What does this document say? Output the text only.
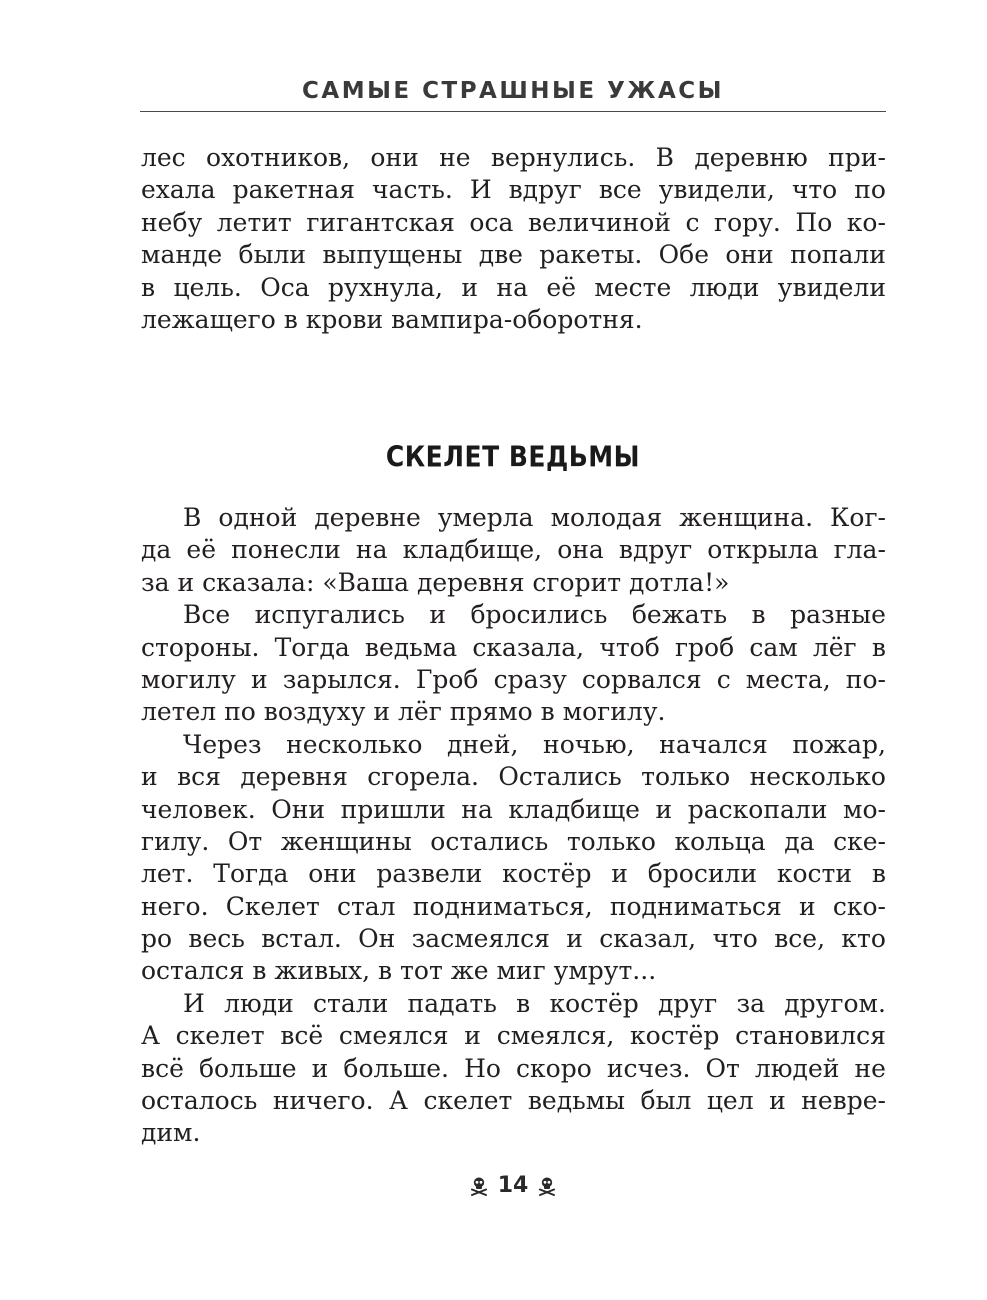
САМЫЕ СТРАШНЫЕ УЖАСЫ

лес охотников, они не вернулись. В деревню при-
ехала ракетная часть. И вдруг все увидели, что по
небу летит гигантская оса величиной с гору. По ко-
манде были выпущены две ракеты. Обе они попали
в цель. Оса рухнула, и на её месте люди увидели
лежащего в крови вампира-оборотня.

СКЕЛЕТ ВЕДЬМЫ

В одной деревне умерла молодая женщина. Ког-
да её понесли на кладбище, она вдруг открыла гла-
за и сказала: «Ваша деревня сгорит дотла!»

Все испугались и бросились бежать в разные
стороны. Тогда ведьма сказала, чтоб гроб сам лёг в
могилу и зарылся. Гроб сразу сорвался с места, по-
летел по воздуху и лёг прямо в могилу.

Через несколько дней, ночью, начался пожар,
и вся деревня сгорела. Остались только несколько
человек. Они пришли на кладбище и раскопали мо-
гилу. От женщины остались только кольца да ске-
лет. Тогда они развели костёр и бросили кости в
него. Скелет стал подниматься, подниматься и ско-
ро весь встал. Он засмеялся и сказал, что все, кто
остался в живых, в тот же миг умрут...

И люди стали падать в костёр друг за другом.
А скелет всё смеялся и смеялся, костёр становился
всё больше и больше. Но скоро исчез. От людей не
осталось ничего. А скелет ведьмы был цел и невре-
дим.

14
